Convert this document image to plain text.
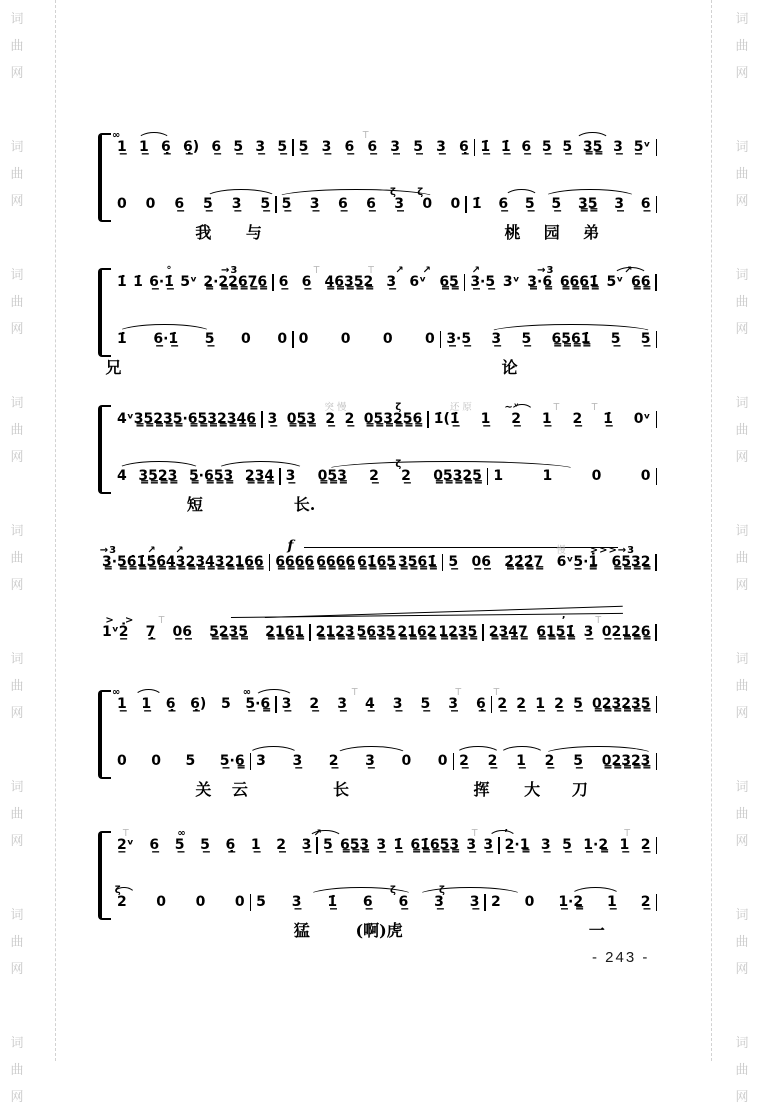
词
曲
网
词
曲
网
词
曲
网
词
曲
网
词
曲
网
词
曲
网
词
曲
网
词
曲
网
词
曲
网
词
曲
网
词
曲
网
词
曲
网
词
曲
网
词
曲
网
词
曲
网
词
曲
网
词
曲
网
词
曲
网
1̲ 1̲ 6̲̣ 6̲̣) 6̲ 5̲ 3̲ 5̲ 5̲ 3̲ 6̲ 6̲ 3̲ 5̲ 3̲ 6̲̣ 1̲̇ 1̲̇ 6̲ 5̲ 5̲ 3̳5̳ 3̲ 5̲ᵛ
∞	T
0 0 6̲ 5̲ 3̲ 5̲ 5̲ 3̲ 6̲ 6̲ 3̲ 0 0 1̇ 6̲ 5̲ 5̲ 3̳5̳ 3̲ 6̲
ζ ζ
我 与	桃 园 弟
1̇ 1̇ 6̲·1̲̇ 5ᵛ 2̳·2̳2̳6̳7̳6̳ 6̲ 6̲ 4̳6̳3̳5̳2̳ 3̲ 6ᵛ 6̳5̳ 3̲·5̲ 3ᵛ 3̳·6̳ 6̳6̳6̳1̳̇ 5ᵛ 6̳6̳
°	→3	T	T ↗ ↗	↗	→3	↗
1̇ 6̲·1̲̇ 5̲ 0 0 0 0 0 0 3̲·5̲ 3̲ 5̲ 6̳5̳6̳1̳̇ 5̲ 5̲
兄	论
4ᵛ 3̳5̳2̳3̳ 5̳·6̳5̳3̳ 2̳3̳4̳6̳ 3̲ 0̳5̳3̳ 2̲ 2̲ 0̳5̳3̳2̳5̳6̳ 1̇(1̲̇ 1̲ 2̲ 1̲ 2̲ 1̲̇ 0ᵛ
突慢	ζ	还原	∼ᵛ	T	T
4 3̳5̳2̳3̳ 5̳·6̳5̳3̳ 2̳3̳4̳ 3̲ 0̳5̳3̳ 2̲ 2̲ 0̳5̳3̳2̳5̳ 1	1	0	0
ζ
短	长.
3̳·5̳6̳̇1̳̇ 5̳̇6̳̇4̳3̳ 2̳3̳4̳3̳ 2̳1̳6̳6̳ 6̳6̳6̳6̳ 6̳6̳6̳6̳ 6̳1̳̇6̳5̳ 3̳5̳6̳1̳̇ 5̲ 0̲6̲ 2̳̇2̳̇2̳̇7̳ 6ᵛ5̲·1̳̇ 6̳5̳3̳2̳
→3	↗ ↗	f	慢 >>> →3
1ᵛ2̲̇ 7̲̣ 0̲6̲ 5̳2̳3̳5̳ 2̳1̳6̳1̳ 2̳1̳2̳3̳ 5̳6̳3̳5̳ 2̳1̳6̳2̳ 1̳2̳3̳5̳ 2̳3̳4̳7̳ 6̳1̳5̳1̳̇ 3̲ 0̲2̲1̳2̳6̳
> >	T	ʼ	T
1̲ 1̲ 6̲̣ 6̲̣) 5 5̲·6̳ 3̲ 2̲ 3̲ 4̲ 3̲ 5̲ 3̲ 6̲̣ 2̲ 2̲ 1̲ 2̲ 5̲ 0̳2̳3̳2̳3̳5̳
∞	∞	T	T	T
0 0 5 5̲·6̳ 3 3̲ 2̲ 3̲ 0 0 2̲ 2̲ 1̲ 2̲ 5̲ 0̳2̳3̳2̳3̳
关 云	长	挥 大 刀
2̲ᵛ 6̲ 5̲ 5̲ 6̲̣ 1̲ 2̲ 3̲ 5̲ 6̳5̳3̳ 3̲ 1̲̇ 6̳1̳̇6̳5̳3̳ 3̲ 3̲ 2̲·1̳ 3̲ 5̲ 1̲·2̳ 1̲ 2̲
T	∞	↗	T ʼ	T
2 0 0 0 5 3̲ 1̲̇ 6̲ 6̲ 3̲ 3̲ 2 0 1̲·2̳ 1̲ 2̲
ζ	ζ	ζ
猛	(啊)虎	一
- 243 -
